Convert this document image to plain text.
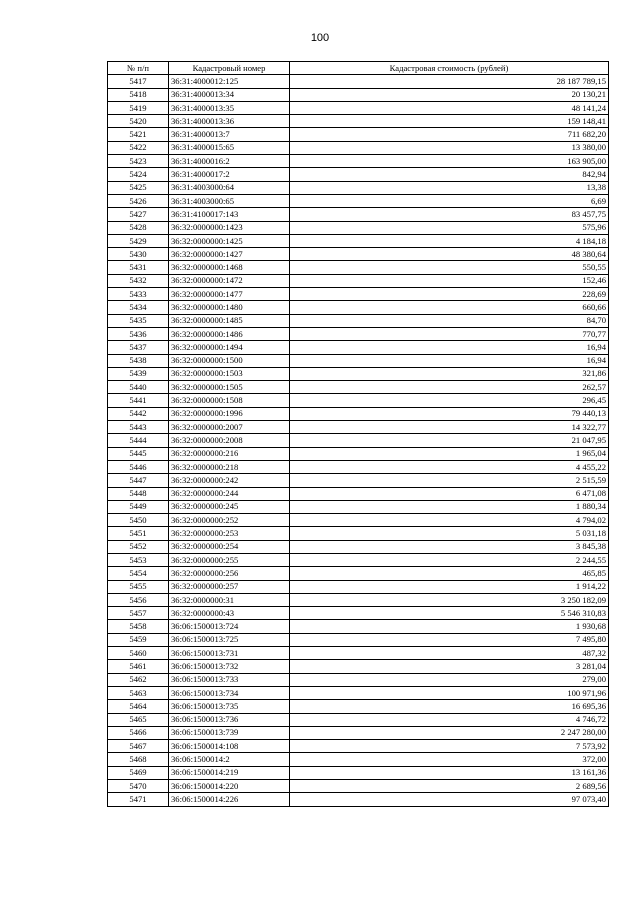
100
№ п/п	Кадастровый номер	Кадастровая стоимость (рублей)
5417	36:31:4000012:125	28 187 789,15
5418	36:31:4000013:34	20 130,21
5419	36:31:4000013:35	48 141,24
5420	36:31:4000013:36	159 148,41
5421	36:31:4000013:7	711 682,20
5422	36:31:4000015:65	13 380,00
5423	36:31:4000016:2	163 905,00
5424	36:31:4000017:2	842,94
5425	36:31:4003000:64	13,38
5426	36:31:4003000:65	6,69
5427	36:31:4100017:143	83 457,75
5428	36:32:0000000:1423	575,96
5429	36:32:0000000:1425	4 184,18
5430	36:32:0000000:1427	48 380,64
5431	36:32:0000000:1468	550,55
5432	36:32:0000000:1472	152,46
5433	36:32:0000000:1477	228,69
5434	36:32:0000000:1480	660,66
5435	36:32:0000000:1485	84,70
5436	36:32:0000000:1486	770,77
5437	36:32:0000000:1494	16,94
5438	36:32:0000000:1500	16,94
5439	36:32:0000000:1503	321,86
5440	36:32:0000000:1505	262,57
5441	36:32:0000000:1508	296,45
5442	36:32:0000000:1996	79 440,13
5443	36:32:0000000:2007	14 322,77
5444	36:32:0000000:2008	21 047,95
5445	36:32:0000000:216	1 965,04
5446	36:32:0000000:218	4 455,22
5447	36:32:0000000:242	2 515,59
5448	36:32:0000000:244	6 471,08
5449	36:32:0000000:245	1 880,34
5450	36:32:0000000:252	4 794,02
5451	36:32:0000000:253	5 031,18
5452	36:32:0000000:254	3 845,38
5453	36:32:0000000:255	2 244,55
5454	36:32:0000000:256	465,85
5455	36:32:0000000:257	1 914,22
5456	36:32:0000000:31	3 250 182,09
5457	36:32:0000000:43	5 546 310,83
5458	36:06:1500013:724	1 930,68
5459	36:06:1500013:725	7 495,80
5460	36:06:1500013:731	487,32
5461	36:06:1500013:732	3 281,04
5462	36:06:1500013:733	279,00
5463	36:06:1500013:734	100 971,96
5464	36:06:1500013:735	16 695,36
5465	36:06:1500013:736	4 746,72
5466	36:06:1500013:739	2 247 280,00
5467	36:06:1500014:108	7 573,92
5468	36:06:1500014:2	372,00
5469	36:06:1500014:219	13 161,36
5470	36:06:1500014:220	2 689,56
5471	36:06:1500014:226	97 073,40
